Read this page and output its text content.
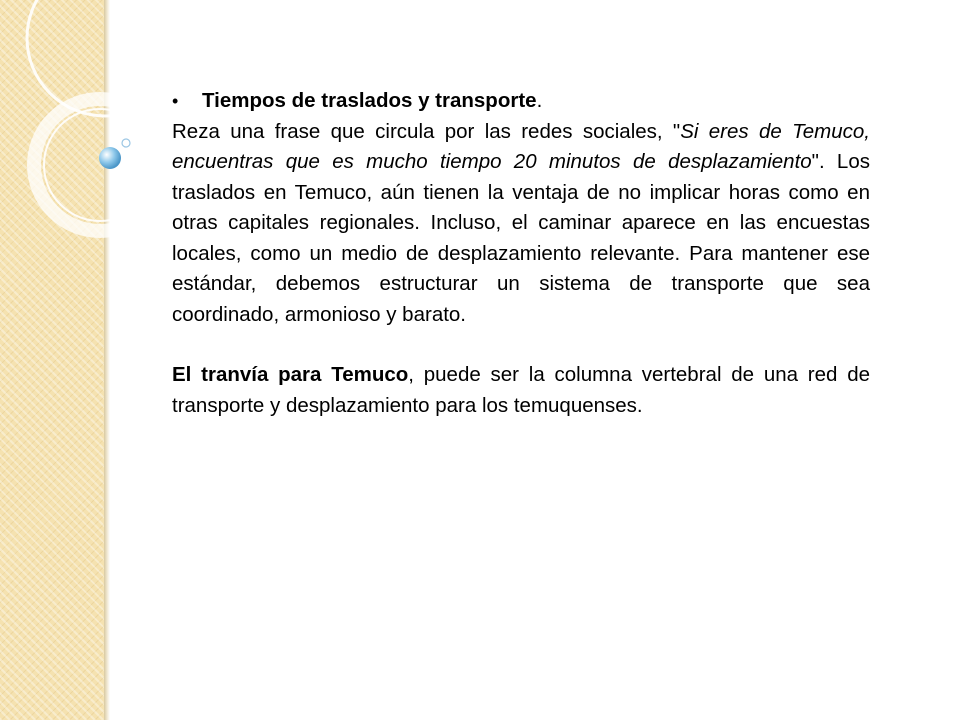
• Tiempos de traslados y transporte.

Reza una frase que circula por las redes sociales, "Si eres de Temuco, encuentras que es mucho tiempo 20 minutos de desplazamiento". Los traslados en Temuco, aún tienen la ventaja de no implicar horas como en otras capitales regionales. Incluso, el caminar aparece en las encuestas locales, como un medio de desplazamiento relevante. Para mantener ese estándar, debemos estructurar un sistema de transporte que sea coordinado, armonioso y barato.

El tranvía para Temuco, puede ser la columna vertebral de una red de transporte y desplazamiento para los temuquenses.
